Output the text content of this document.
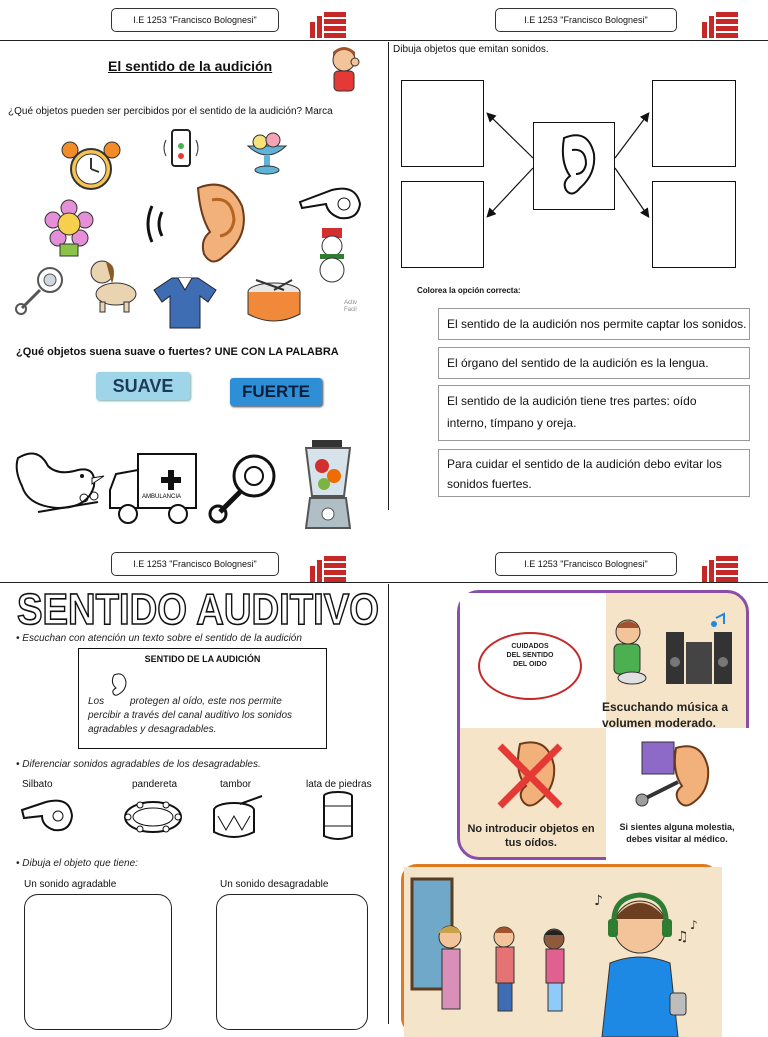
I.E 1253 "Francisco Bolognesi"	I.E 1253 "Francisco Bolognesi"
I.E 1253 "Francisco Bolognesi"	I.E 1253 "Francisco Bolognesi"
El sentido de la audición
¿Qué objetos pueden ser percibidos por el sentido de la audición? Marca
Activ
Facil
¿Qué objetos suena suave o fuertes? UNE CON LA PALABRA
SUAVE	FUERTE
AMBULANCIA
Dibuja objetos que emitan sonidos.
Colorea la opción correcta:
El sentido de la audición nos permite captar los sonidos.
El órgano del sentido de la audición es la lengua.
El sentido de la audición tiene tres partes: oído
interno, tímpano y oreja.
Para cuidar el sentido de la audición debo evitar los
sonidos fuertes.
SENTIDO AUDITIVO
• Escuchan con atención un texto sobre el sentido de la audición
SENTIDO DE LA AUDICIÓN
Los	protegen al oído, este nos permite
percibir a través del canal auditivo los sonidos
agradables y desagradables.
• Diferenciar sonidos agradables de los desagradables.
Silbato	pandereta	tambor	lata de piedras
• Dibuja el objeto que tiene:
Un sonido agradable	Un sonido desagradable
CUIDADOS
DEL SENTIDO
DEL OIDO
Escuchando música a
volumen moderado.
No introducir objetos en
tus oídos.
Si sientes alguna molestia,
debes visitar al médico.
♪
♫
♪
